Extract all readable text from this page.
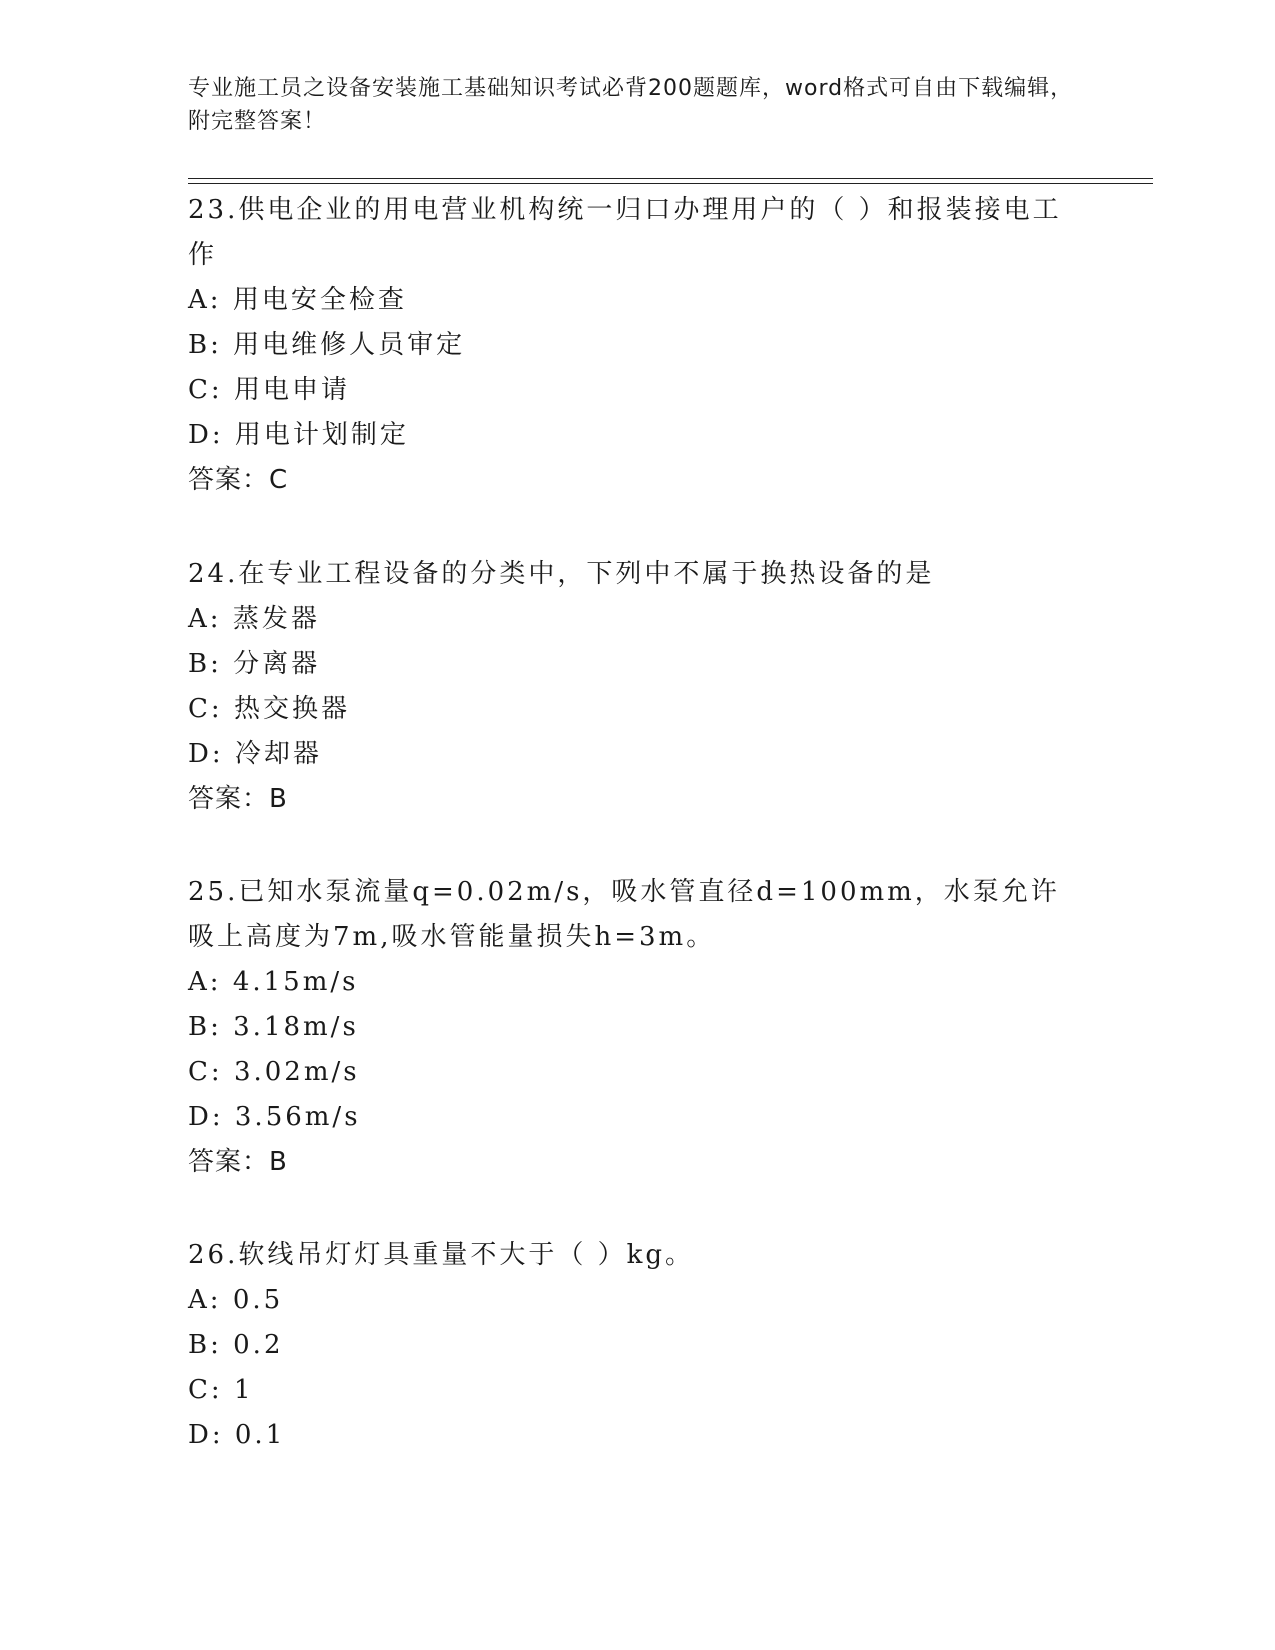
专业施工员之设备安装施工基础知识考试必背200题题库，word格式可自由下载编辑，附完整答案！

23.供电企业的用电营业机构统一归口办理用户的（ ）和报装接电工作

A: 用电安全检查

B: 用电维修人员审定

C: 用电申请

D: 用电计划制定

答案：C

24.在专业工程设备的分类中，下列中不属于换热设备的是

A: 蒸发器

B: 分离器

C: 热交换器

D: 冷却器

答案：B

25.已知水泵流量q=0.02m/s，吸水管直径d=100mm，水泵允许吸上高度为7m,吸水管能量损失h=3m。

A: 4.15m/s

B: 3.18m/s

C: 3.02m/s

D: 3.56m/s

答案：B

26.软线吊灯灯具重量不大于（ ）kg。

A: 0.5

B: 0.2

C: 1

D: 0.1
